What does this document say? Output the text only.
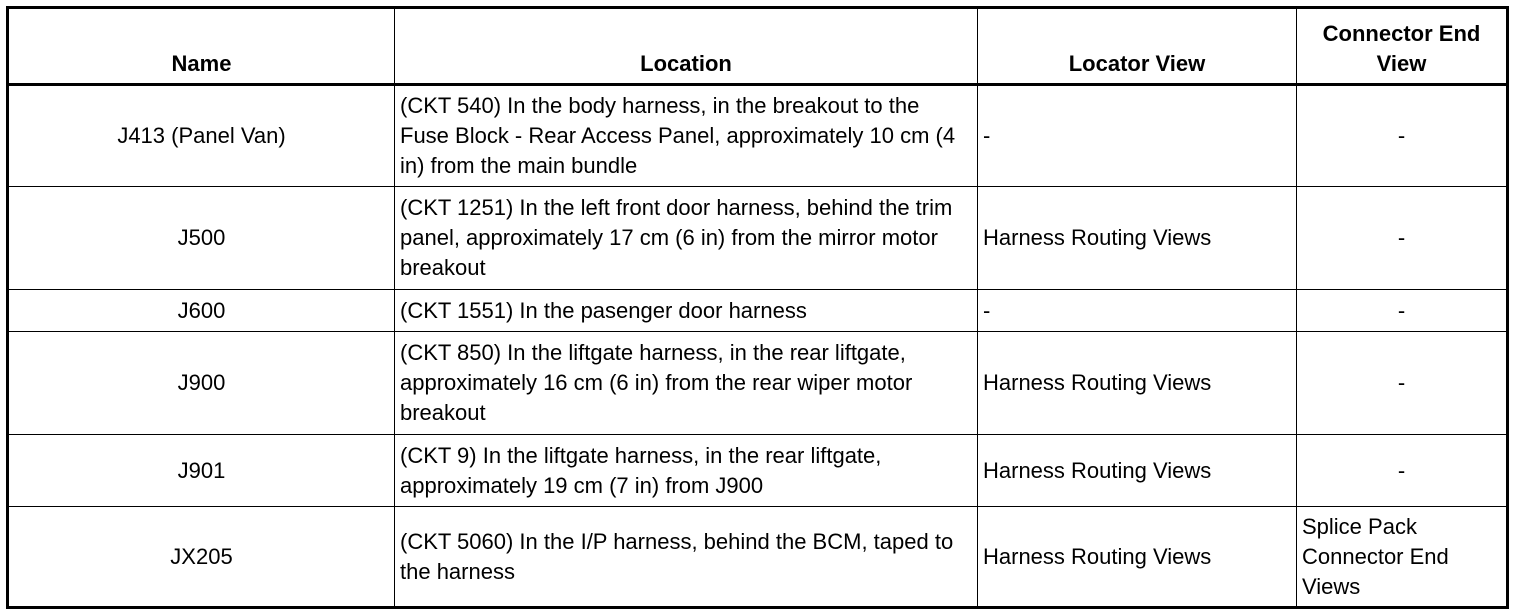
Name	Location	Locator View	Connector End View
J413 (Panel Van)	(CKT 540) In the body harness, in the breakout to the Fuse Block - Rear Access Panel, approximately 10 cm (4 in) from the main bundle	-	-
J500	(CKT 1251) In the left front door harness, behind the trim panel, approximately 17 cm (6 in) from the mirror motor breakout	Harness Routing Views	-
J600	(CKT 1551) In the pasenger door harness	-	-
J900	(CKT 850) In the liftgate harness, in the rear liftgate, approximately 16 cm (6 in) from the rear wiper motor breakout	Harness Routing Views	-
J901	(CKT 9) In the liftgate harness, in the rear liftgate, approximately 19 cm (7 in) from J900	Harness Routing Views	-
JX205	(CKT 5060) In the I/P harness, behind the BCM, taped to the harness	Harness Routing Views	Splice Pack Connector End Views
